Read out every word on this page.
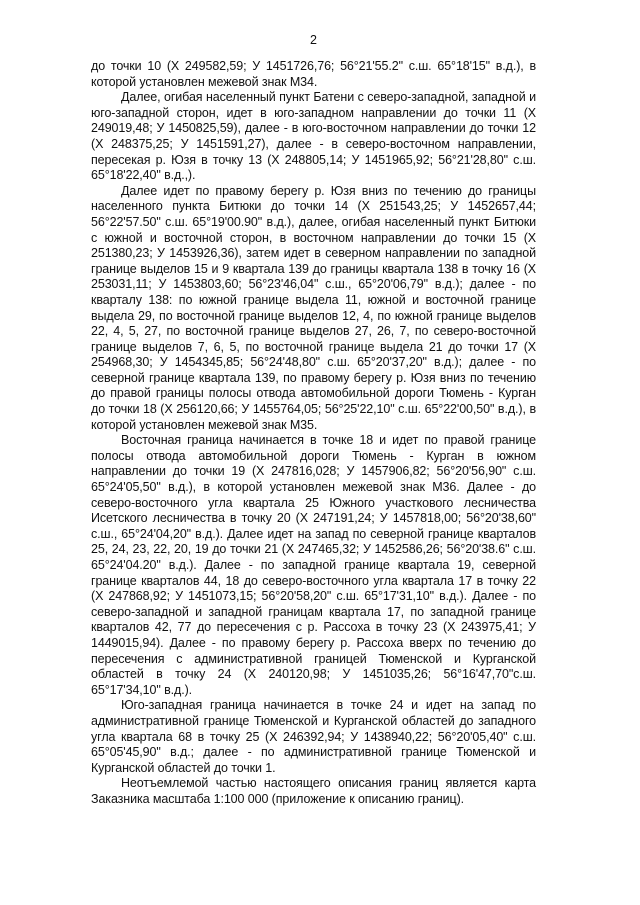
2

до точки 10 (X 249582,59; У 1451726,76; 56°21'55.2" с.ш. 65°18'15" в.д.), в которой установлен межевой знак М34.

Далее, огибая населенный пункт Батени с северо-западной, западной и юго-западной сторон, идет в юго-западном направлении до точки 11 (X 249019,48; У 1450825,59), далее - в юго-восточном направлении до точки 12 (X 248375,25; У 1451591,27), далее - в северо-восточном направлении, пересекая р. Юзя в точку 13 (X 248805,14; У 1451965,92; 56°21'28,80" с.ш. 65°18'22,40" в.д.,).

Далее идет по правому берегу р. Юзя вниз по течению до границы населенного пункта Битюки до точки 14 (X 251543,25; У 1452657,44; 56°22'57.50" с.ш. 65°19'00.90" в.д.), далее, огибая населенный пункт Битюки с южной и восточной сторон, в восточном направлении до точки 15 (X 251380,23; У 1453926,36), затем идет в северном направлении по западной границе выделов 15 и 9 квартала 139 до границы квартала 138 в точку 16 (X 253031,11; У 1453803,60; 56°23'46,04" с.ш., 65°20'06,79" в.д.); далее - по кварталу 138: по южной границе выдела 11, южной и восточной границе выдела 29, по восточной границе выделов 12, 4, по южной границе выделов 22, 4, 5, 27, по восточной границе выделов 27, 26, 7, по северо-восточной границе выделов 7, 6, 5, по восточной границе выдела 21 до точки 17 (X 254968,30; У 1454345,85; 56°24'48,80" с.ш. 65°20'37,20" в.д.); далее - по северной границе квартала 139, по правому берегу р. Юзя вниз по течению до правой границы полосы отвода автомобильной дороги Тюмень - Курган до точки 18 (X 256120,66; У 1455764,05; 56°25'22,10" с.ш. 65°22'00,50" в.д.), в которой установлен межевой знак М35.

Восточная граница начинается в точке 18 и идет по правой границе полосы отвода автомобильной дороги Тюмень - Курган в южном направлении до точки 19 (X 247816,028; У 1457906,82; 56°20'56,90" с.ш. 65°24'05,50" в.д.), в которой установлен межевой знак М36. Далее - до северо-восточного угла квартала 25 Южного участкового лесничества Исетского лесничества в точку 20 (X 247191,24; У 1457818,00; 56°20'38,60" с.ш., 65°24'04,20" в.д.). Далее идет на запад по северной границе кварталов 25, 24, 23, 22, 20, 19 до точки 21 (X 247465,32; У 1452586,26; 56°20'38.6" с.ш. 65°24'04.20" в.д.). Далее - по западной границе квартала 19, северной границе кварталов 44, 18 до северо-восточного угла квартала 17 в точку 22 (X 247868,92; У 1451073,15; 56°20'58,20" с.ш. 65°17'31,10" в.д.). Далее - по северо-западной и западной границам квартала 17, по западной границе кварталов 42, 77 до пересечения с р. Рассоха в точку 23 (X 243975,41; У 1449015,94). Далее - по правому берегу р. Рассоха вверх по течению до пересечения с административной границей Тюменской и Курганской областей в точку 24 (X 240120,98; У 1451035,26; 56°16'47,70"с.ш. 65°17'34,10" в.д.).

Юго-западная граница начинается в точке 24 и идет на запад по административной границе Тюменской и Курганской областей до западного угла квартала 68 в точку 25 (X 246392,94; У 1438940,22; 56°20'05,40" с.ш. 65°05'45,90" в.д.; далее - по административной границе Тюменской и Курганской областей до точки 1.

Неотъемлемой частью настоящего описания границ является карта Заказника масштаба 1:100 000 (приложение к описанию границ).
